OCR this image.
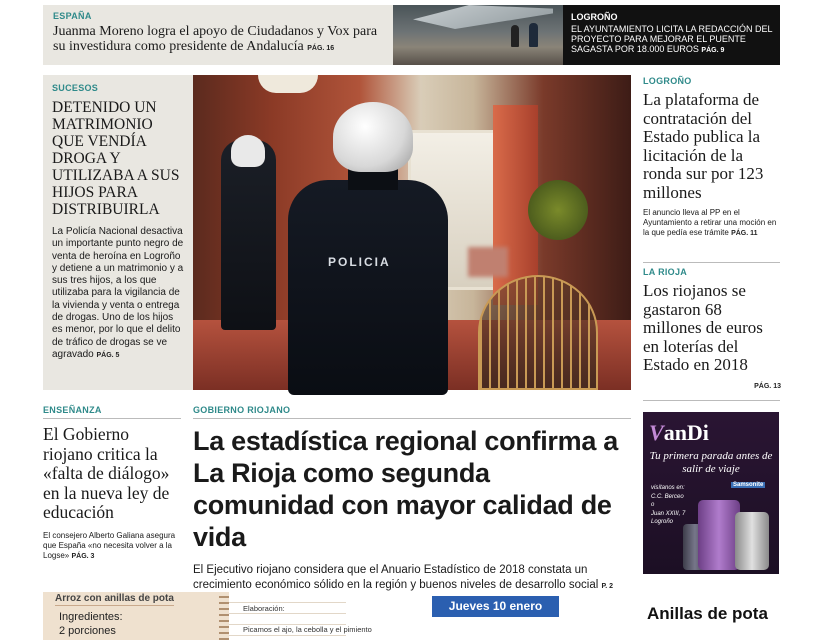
ESPAÑA
Juanma Moreno logra el apoyo de Ciudadanos y Vox para su investidura como presidente de Andalucía PÁG. 16
LOGROÑO
EL AYUNTAMIENTO LICITA LA REDACCIÓN DEL PROYECTO PARA MEJORAR EL PUENTE SAGASTA POR 18.000 EUROS PÁG. 9
SUCESOS
DETENIDO UN MATRIMONIO QUE VENDÍA DROGA Y UTILIZABA A SUS HIJOS PARA DISTRIBUIRLA
La Policía Nacional desactiva un importante punto negro de venta de heroína en Logroño y detiene a un matrimonio y a sus tres hijos, a los que utilizaba para la vigilancia de la vivienda y venta o entrega de drogas. Uno de los hijos es menor, por lo que el delito de tráfico de drogas se ve agravado PÁG. 5
POLICIA
LOGROÑO
La plataforma de contratación del Estado publica la licitación de la ronda sur por 123 millones
El anuncio lleva al PP en el Ayuntamiento a retirar una moción en la que pedía ese trámite PÁG. 11
LA RIOJA
Los riojanos se gastaron 68 millones de euros en loterías del Estado en 2018
PÁG. 13
ENSEÑANZA
El Gobierno riojano critica la «falta de diálogo» en la nueva ley de educación
El consejero Alberto Galiana asegura que España «no necesita volver a la Logse» PÁG. 3
GOBIERNO RIOJANO
La estadística regional confirma a La Rioja como segunda comunidad con mayor calidad de vida
El Ejecutivo riojano considera que el Anuario Estadístico de 2018 constata un crecimiento económico sólido en la región y buenos niveles de desarrollo social P. 2
VanDi
Tu primera parada antes de salir de viaje
visítanos en:
C.C. Berceo
o
Juan XXIII, 7
Logroño
Samsonite
Arroz con anillas de pota
Ingredientes:
2 porciones
Elaboración:
Picamos el ajo, la cebolla y el pimiento
Jueves 10 enero	Anillas de pota
